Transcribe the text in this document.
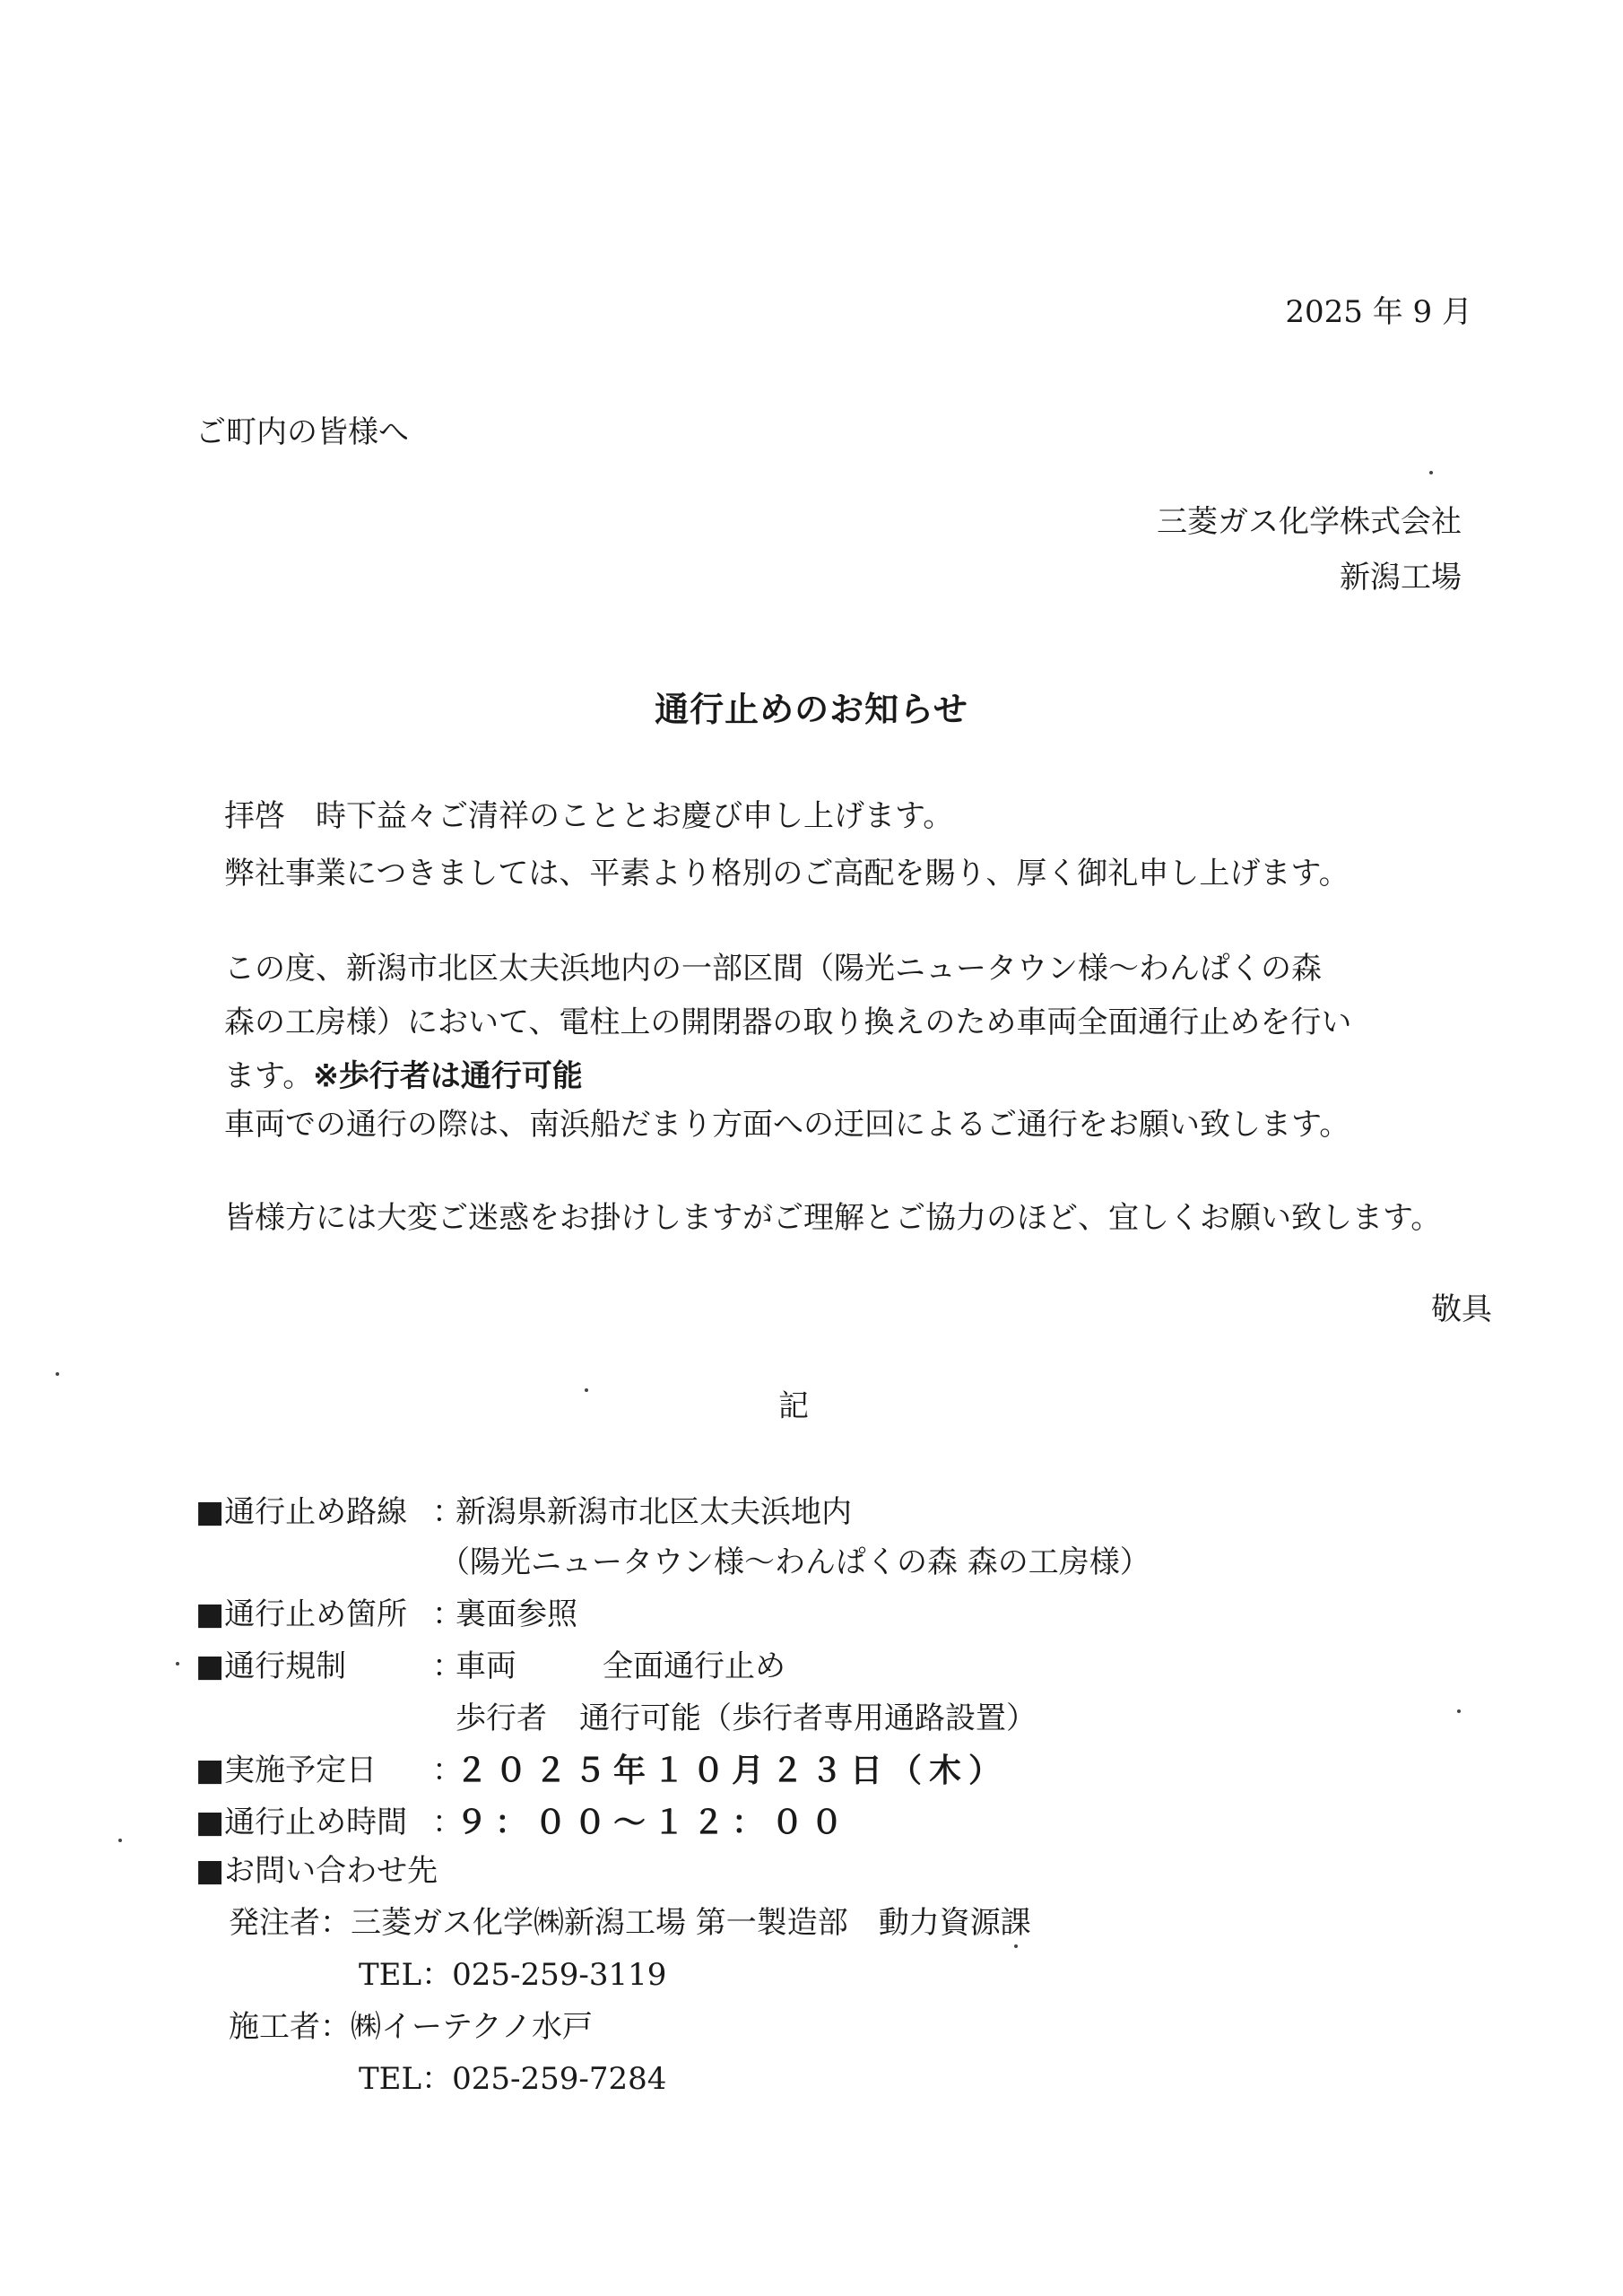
2025 年 9 月
ご町内の皆様へ
三菱ガス化学株式会社
新潟工場
通行止めのお知らせ
拝啓　時下益々ご清祥のこととお慶び申し上げます。
弊社事業につきましては、平素より格別のご高配を賜り、厚く御礼申し上げます。
この度、新潟市北区太夫浜地内の一部区間（陽光ニュータウン様～わんぱくの森
森の工房様）において、電柱上の開閉器の取り換えのため車両全面通行止めを行い
ます。※歩行者は通行可能
車両での通行の際は、南浜船だまり方面への迂回によるご通行をお願い致します。
皆様方には大変ご迷惑をお掛けしますがご理解とご協力のほど、宜しくお願い致します。
敬具
記
■通行止め路線 ：
新潟県新潟市北区太夫浜地内
（陽光ニュータウン様～わんぱくの森 森の工房様）
■通行止め箇所 ：
裏面参照
■通行規制	：
車両	全面通行止め
歩行者 通行可能（歩行者専用通路設置）
■実施予定日 ：
２０２５年１０月２３日（木）
■通行止め時間 ：
９：００～１２：００
■お問い合わせ先
発注者：三菱ガス化学㈱新潟工場 第一製造部　動力資源課
TEL：025-259-3119
施工者：㈱イーテクノ水戸
TEL：025-259-7284
